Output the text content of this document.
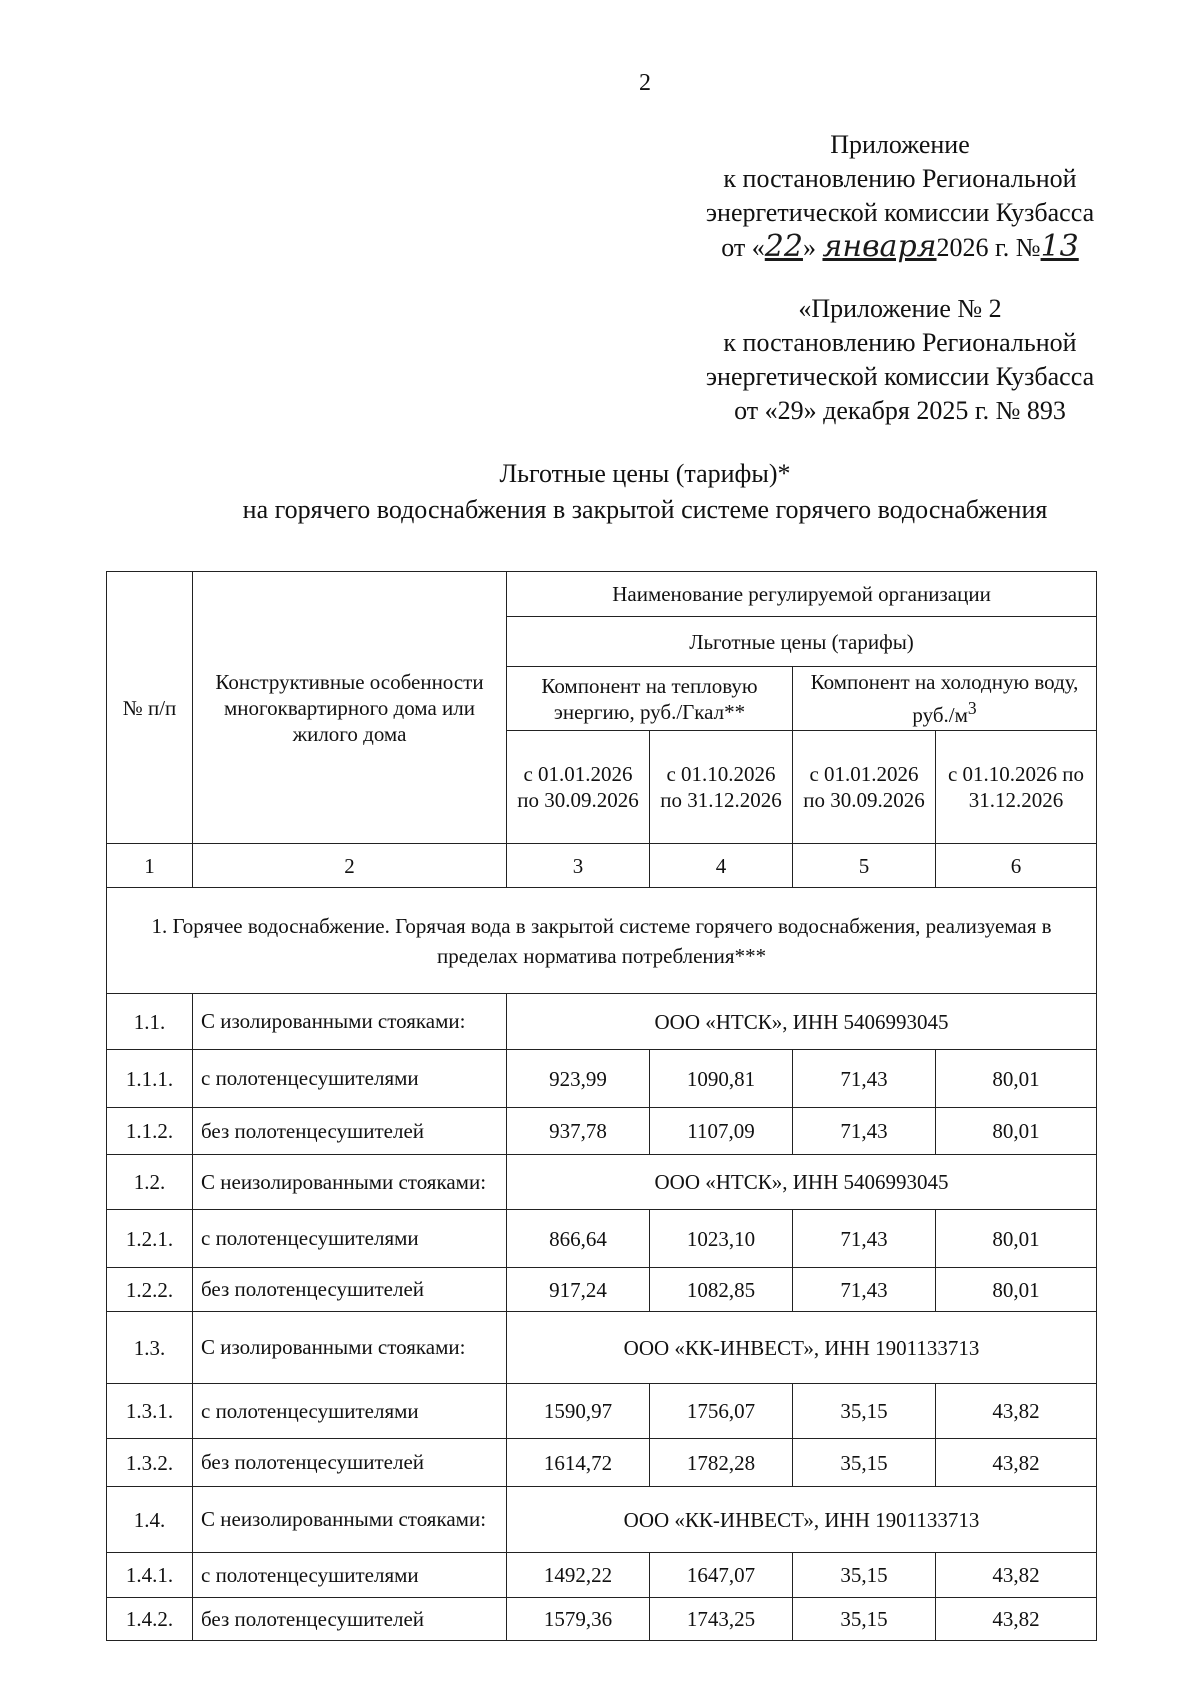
2
Приложение
к постановлению Региональной
энергетической комиссии Кузбасса
от «22» января2026 г. №13
«Приложение № 2
к постановлению Региональной
энергетической комиссии Кузбасса
от «29» декабря 2025 г. № 893
Льготные цены (тарифы)*
на горячего водоснабжения в закрытой системе горячего водоснабжения
№ п/п	Конструктивные особенности многоквартирного дома или жилого дома	Наименование регулируемой организации			
		Льготные цены (тарифы)			
		Компонент на тепловую энергию, руб./Гкал**		Компонент на холодную воду, $руб./м^3$
		с 01.01.2026 по 30.09.2026	с 01.10.2026 по 31.12.2026	с 01.01.2026 по 30.09.2026	с 01.10.2026 по 31.12.2026
1	2	3	4	5	6
1. Горячее водоснабжение. Горячая вода в закрытой системе горячего водоснабжения, реализуемая в пределах норматива потребления***					
1.1.	С изолированными стояками:	ООО «НТСК», ИНН 5406993045			
1.1.1.	с полотенцесушителями	923,99	1090,81	71,43	80,01
1.1.2.	без полотенцесушителей	937,78	1107,09	71,43	80,01
1.2.	С неизолированными стояками:	ООО «НТСК», ИНН 5406993045			
1.2.1.	с полотенцесушителями	866,64	1023,10	71,43	80,01
1.2.2.	без полотенцесушителей	917,24	1082,85	71,43	80,01
1.3.	С изолированными стояками:	ООО «КК-ИНВЕСТ», ИНН 1901133713			
1.3.1.	с полотенцесушителями	1590,97	1756,07	35,15	43,82
1.3.2.	без полотенцесушителей	1614,72	1782,28	35,15	43,82
1.4.	С неизолированными стояками:	ООО «КК-ИНВЕСТ», ИНН 1901133713			
1.4.1.	с полотенцесушителями	1492,22	1647,07	35,15	43,82
1.4.2.	без полотенцесушителей	1579,36	1743,25	35,15	43,82
